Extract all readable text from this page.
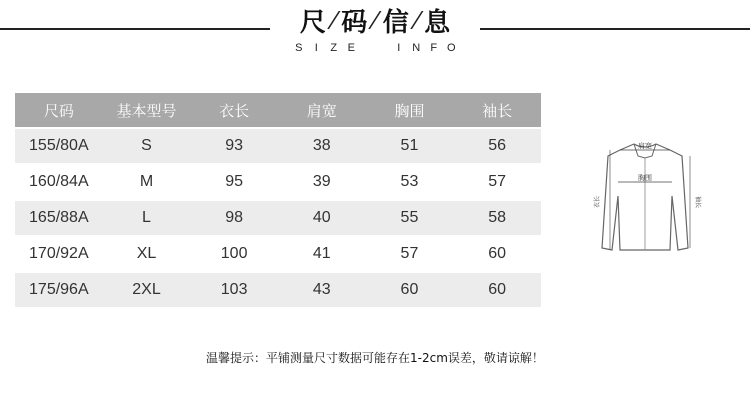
尺 / 码 / 信 / 息
S	I	Z E	I	N F O
尺码	基本型号	衣长	肩宽	胸围	袖长
155/80A	S	93	38	51	56
160/84A	M	95	39	53	57
165/88A	L	98	40	55	58
170/92A	XL	100	41	57	60
175/96A	2XL	103	43	60	60
肩宽
胸围
衣长	袖长
温馨提示：平铺测量尺寸数据可能存在1-2cm误差，敬请谅解！
